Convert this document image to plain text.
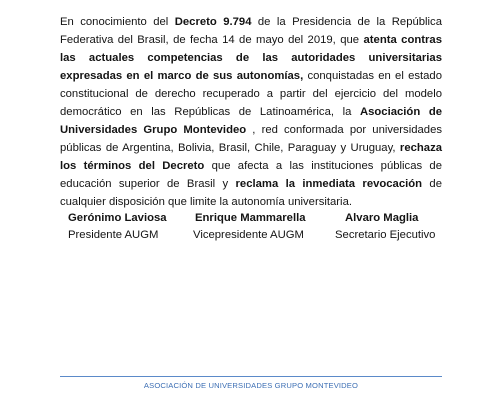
En conocimiento del Decreto 9.794 de la Presidencia de la República Federativa del Brasil, de fecha 14 de mayo del 2019, que atenta contras las actuales competencias de las autoridades universitarias expresadas en el marco de sus autonomías, conquistadas en el estado constitucional de derecho recuperado a partir del ejercicio del modelo democrático en las Repúblicas de Latinoamérica, la Asociación de Universidades Grupo Montevideo , red conformada por universidades públicas de Argentina, Bolivia, Brasil, Chile, Paraguay y Uruguay, rechaza los términos del Decreto que afecta a las instituciones públicas de educación superior de Brasil y reclama la inmediata revocación de cualquier disposición que limite la autonomía universitaria.

Gerónimo Laviosa
Presidente AUGM
Enrique Mammarella
Vicepresidente AUGM
Alvaro Maglia
Secretario Ejecutivo
ASOCIACIÓN DE UNIVERSIDADES GRUPO MONTEVIDEO
